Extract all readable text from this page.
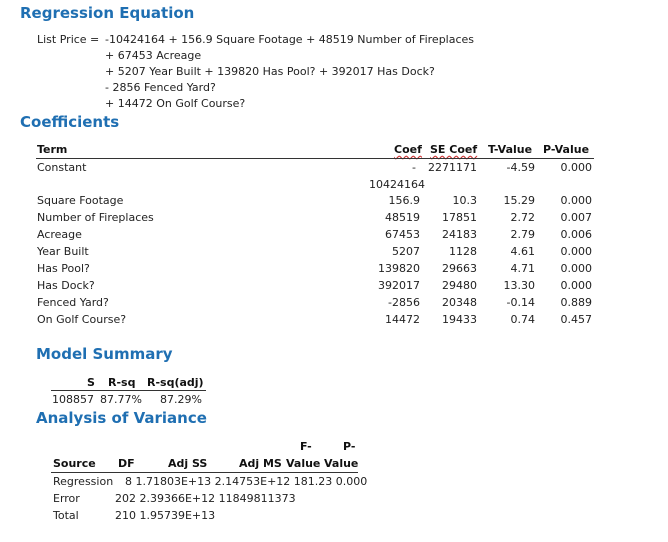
Regression Equation
List Price = -10424164 + 156.9 Square Footage + 48519 Number of Fireplaces
+ 67453 Acreage
+ 5207 Year Built + 139820 Has Pool? + 392017 Has Dock?
- 2856 Fenced Yard?
+ 14472 On Golf Course?
Coefficients
Term	Coef SE Coef T-Value P-Value
Constant	-	2271171	-4.59	0.000
10424164
Square Footage	156.9	10.3	15.29	0.000
Number of Fireplaces	48519	17851	2.72	0.007
Acreage	67453	24183	2.79	0.006
Year Built	5207	1128	4.61	0.000
Has Pool?	139820	29663	4.71	0.000
Has Dock?	392017	29480	13.30	0.000
Fenced Yard?	-2856	20348	-0.14	0.889
On Golf Course?	14472	19433	0.74	0.457
Model Summary
S R-sq R-sq(adj)
108857 87.77% 87.29%
Analysis of Variance
F-	P-
Source DF	Adj SS	Adj MS Value Value
Regression 8 1.71803E+13 2.14753E+12 181.23 0.000
Error	202 2.39366E+12 11849811373
Total	210 1.95739E+13
